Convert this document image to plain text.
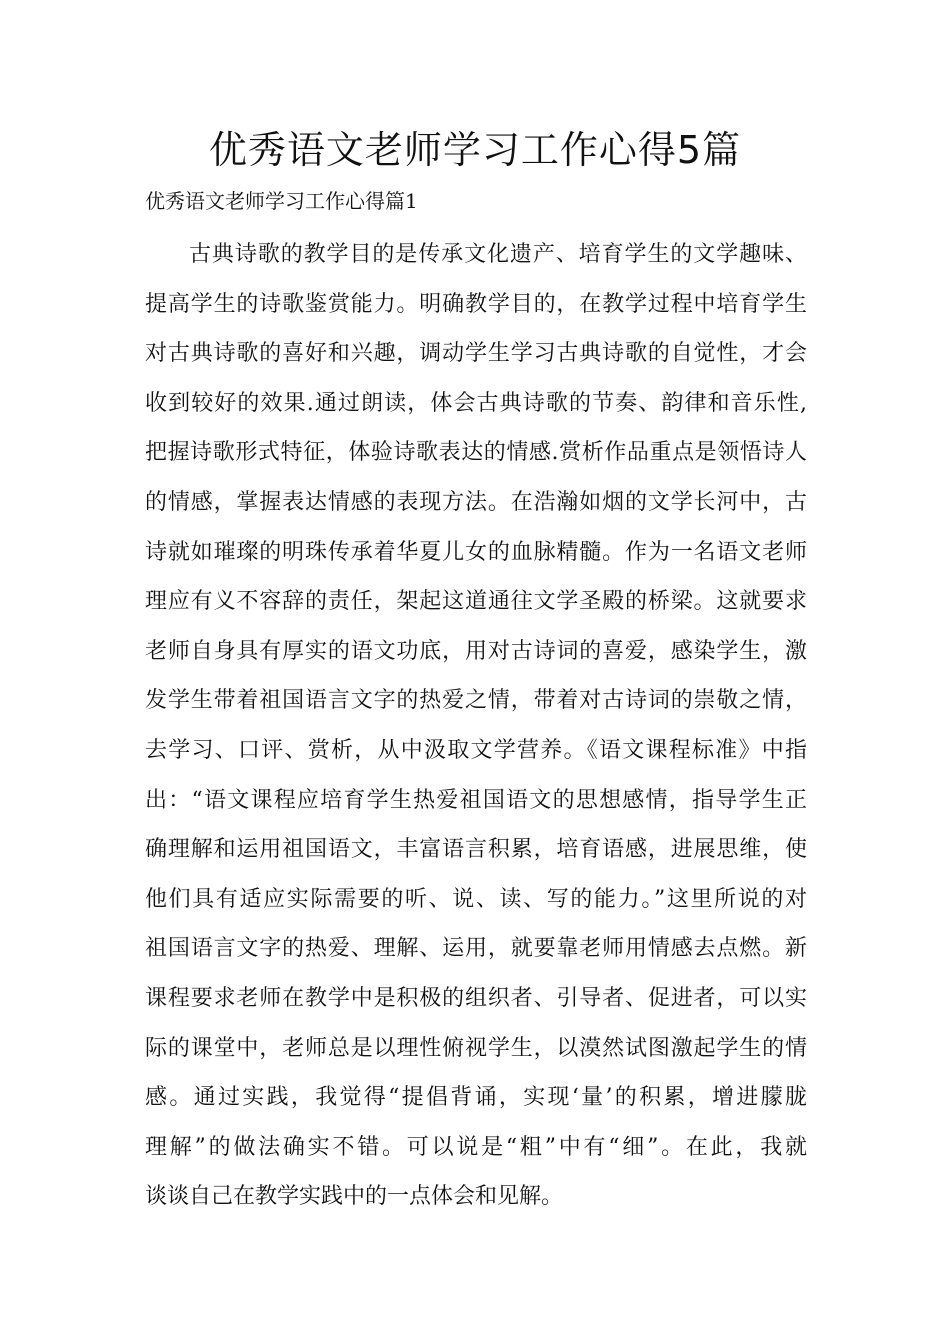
优秀语文老师学习工作心得5篇

优秀语文老师学习工作心得篇1

古典诗歌的教学目的是传承文化遗产、培育学生的文学趣味、
提高学生的诗歌鉴赏能力。明确教学目的，在教学过程中培育学生
对古典诗歌的喜好和兴趣，调动学生学习古典诗歌的自觉性，才会
收到较好的效果.通过朗读，体会古典诗歌的节奏、韵律和音乐性,
把握诗歌形式特征，体验诗歌表达的情感.赏析作品重点是领悟诗人
的情感，掌握表达情感的表现方法。在浩瀚如烟的文学长河中，古
诗就如璀璨的明珠传承着华夏儿女的血脉精髓。作为一名语文老师
理应有义不容辞的责任，架起这道通往文学圣殿的桥梁。这就要求
老师自身具有厚实的语文功底，用对古诗词的喜爱，感染学生，激
发学生带着祖国语言文字的热爱之情，带着对古诗词的崇敬之情，
去学习、口评、赏析，从中汲取文学营养。《语文课程标准》中指
出：“语文课程应培育学生热爱祖国语文的思想感情，指导学生正
确理解和运用祖国语文，丰富语言积累，培育语感，进展思维，使
他们具有适应实际需要的听、说、读、写的能力。”这里所说的对
祖国语言文字的热爱、理解、运用，就要靠老师用情感去点燃。新
课程要求老师在教学中是积极的组织者、引导者、促进者，可以实
际的课堂中，老师总是以理性俯视学生，以漠然试图激起学生的情
感。通过实践，我觉得“提倡背诵，实现‘量’的积累，增进朦胧
理解”的做法确实不错。可以说是“粗”中有“细”。在此，我就
谈谈自己在教学实践中的一点体会和见解。
